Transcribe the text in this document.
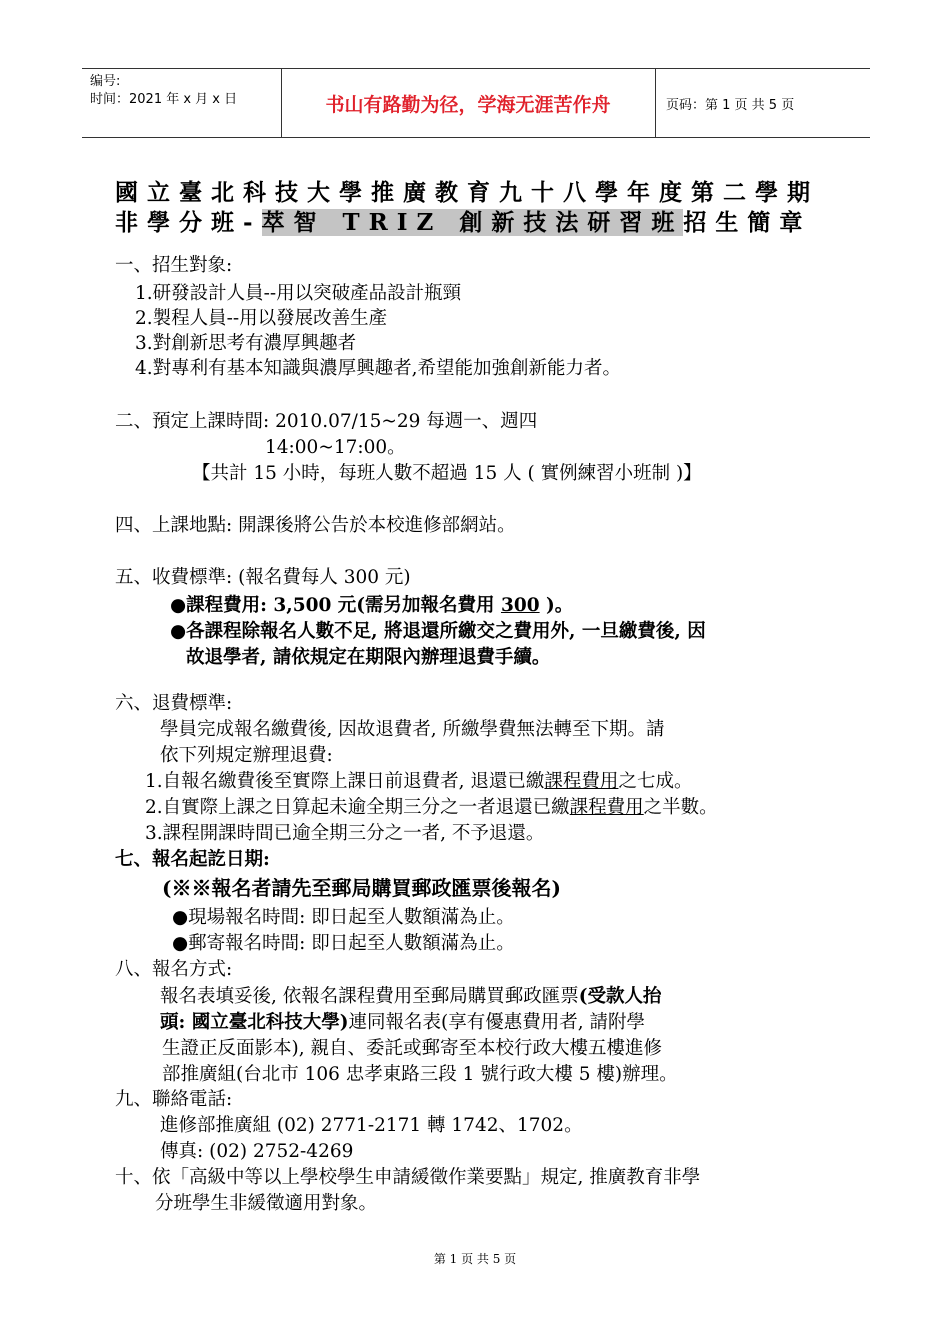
编号:
时间：2021 年 x 月 x 日	书山有路勤为径，学海无涯苦作舟	页码：第 1 页 共 5 页
國立臺北科技大學推廣教育九十八學年度第二學期
非學分班-萃智 TRIZ 創新技法研習班招生簡章
一、招生對象:
1.研發設計人員--用以突破產品設計瓶頸
2.製程人員--用以發展改善生產
3.對創新思考有濃厚興趣者
4.對專利有基本知識與濃厚興趣者,希望能加強創新能力者。
二、預定上課時間: 2010.07/15~29 每週一、週四
14:00~17:00。
【共計 15 小時，每班人數不超過 15 人 ( 實例練習小班制 )】
四、上課地點: 開課後將公告於本校進修部網站。
五、收費標準: (報名費每人 300 元)
●課程費用: 3,500 元(需另加報名費用 300 )。
●各課程除報名人數不足, 將退還所繳交之費用外, 一旦繳費後, 因
故退學者, 請依規定在期限內辦理退費手續。
六、退費標準:
學員完成報名繳費後, 因故退費者, 所繳學費無法轉至下期。請
依下列規定辦理退費:
1.自報名繳費後至實際上課日前退費者, 退還已繳課程費用之七成。
2.自實際上課之日算起未逾全期三分之一者退還已繳課程費用之半數。
3.課程開課時間已逾全期三分之一者, 不予退還。
七、報名起訖日期:
(※※報名者請先至郵局購買郵政匯票後報名)
●現場報名時間: 即日起至人數額滿為止。
●郵寄報名時間: 即日起至人數額滿為止。
八、報名方式:
報名表填妥後, 依報名課程費用至郵局購買郵政匯票(受款人抬
頭: 國立臺北科技大學)連同報名表(享有優惠費用者, 請附學
生證正反面影本), 親自、委託或郵寄至本校行政大樓五樓進修
部推廣組(台北市 106 忠孝東路三段 1 號行政大樓 5 樓)辦理。
九、聯絡電話:
進修部推廣組 (02) 2771-2171 轉 1742、1702。
傳真: (02) 2752-4269
十、依「高級中等以上學校學生申請緩徵作業要點」規定, 推廣教育非學
分班學生非緩徵適用對象。
第 1 页 共 5 页
